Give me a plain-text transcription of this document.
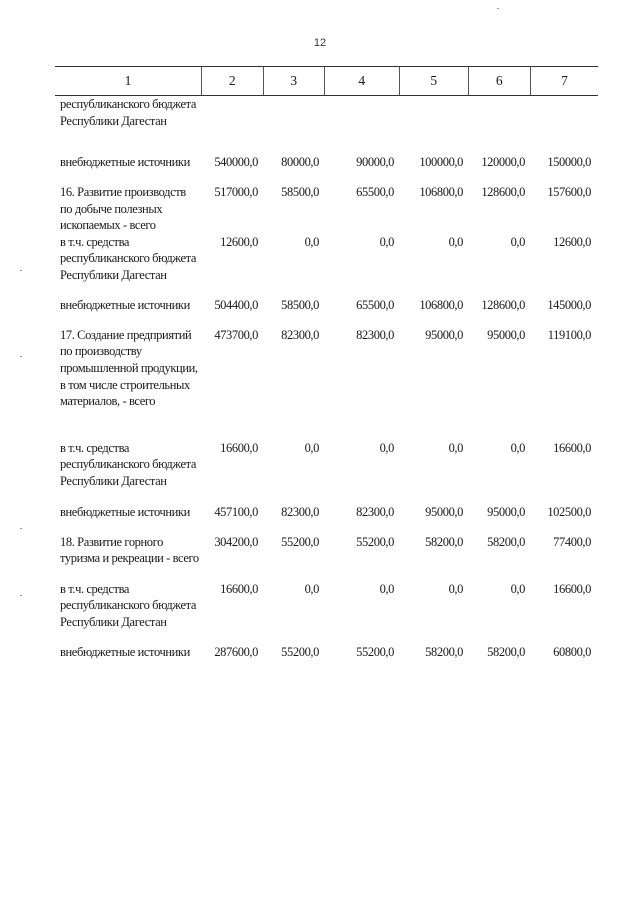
12
1	2	3	4	5	6	7
республиканского бюджета Республики Дагестан						
внебюджетные источники	540000,0	80000,0	90000,0	100000,0	120000,0	150000,0
16. Развитие производств по добыче полезных ископаемых - всего	517000,0	58500,0	65500,0	106800,0	128600,0	157600,0
в т.ч. средства республиканского бюджета Республики Дагестан	12600,0	0,0	0,0	0,0	0,0	12600,0
внебюджетные источники	504400,0	58500,0	65500,0	106800,0	128600,0	145000,0
17. Создание предприятий по производству промышленной продукции, в том числе строительных материалов, - всего	473700,0	82300,0	82300,0	95000,0	95000,0	119100,0
в т.ч. средства республиканского бюджета Республики Дагестан	16600,0	0,0	0,0	0,0	0,0	16600,0
внебюджетные источники	457100,0	82300,0	82300,0	95000,0	95000,0	102500,0
18. Развитие горного туризма и рекреации - всего	304200,0	55200,0	55200,0	58200,0	58200,0	77400,0
в т.ч. средства республиканского бюджета Республики Дагестан	16600,0	0,0	0,0	0,0	0,0	16600,0
внебюджетные источники	287600,0	55200,0	55200,0	58200,0	58200,0	60800,0
